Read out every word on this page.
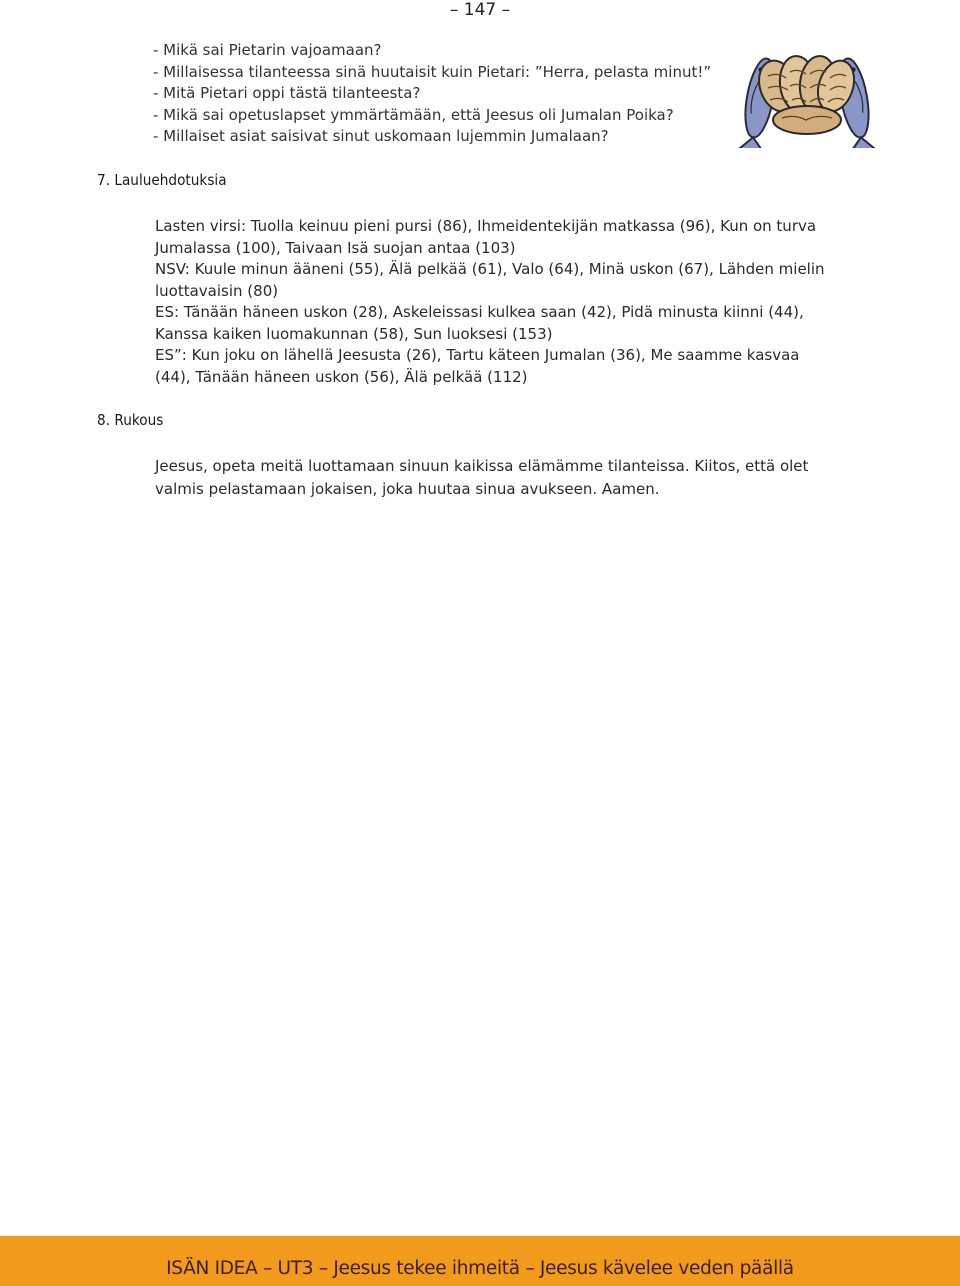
– 147 –
- Mikä sai Pietarin vajoamaan?
- Millaisessa tilanteessa sinä huutaisit kuin Pietari: ”Herra, pelasta minut!”
- Mitä Pietari oppi tästä tilanteesta?
- Mikä sai opetuslapset ymmärtämään, että Jeesus oli Jumalan Poika?
- Millaiset asiat saisivat sinut uskomaan lujemmin Jumalaan?
7. Lauluehdotuksia
Lasten virsi: Tuolla keinuu pieni pursi (86), Ihmeidentekijän matkassa (96), Kun on turva
Jumalassa (100), Taivaan Isä suojan antaa (103)
NSV: Kuule minun ääneni (55), Älä pelkää (61), Valo (64), Minä uskon (67), Lähden mielin
luottavaisin (80)
ES: Tänään häneen uskon (28), Askeleissasi kulkea saan (42), Pidä minusta kiinni (44),
Kanssa kaiken luomakunnan (58), Sun luoksesi (153)
ES”: Kun joku on lähellä Jeesusta (26), Tartu käteen Jumalan (36), Me saamme kasvaa
(44), Tänään häneen uskon (56), Älä pelkää (112)
8. Rukous
Jeesus, opeta meitä luottamaan sinuun kaikissa elämämme tilanteissa. Kiitos, että olet
valmis pelastamaan jokaisen, joka huutaa sinua avukseen. Aamen.
ISÄN IDEA – UT3 – Jeesus tekee ihmeitä – Jeesus kävelee veden päällä
